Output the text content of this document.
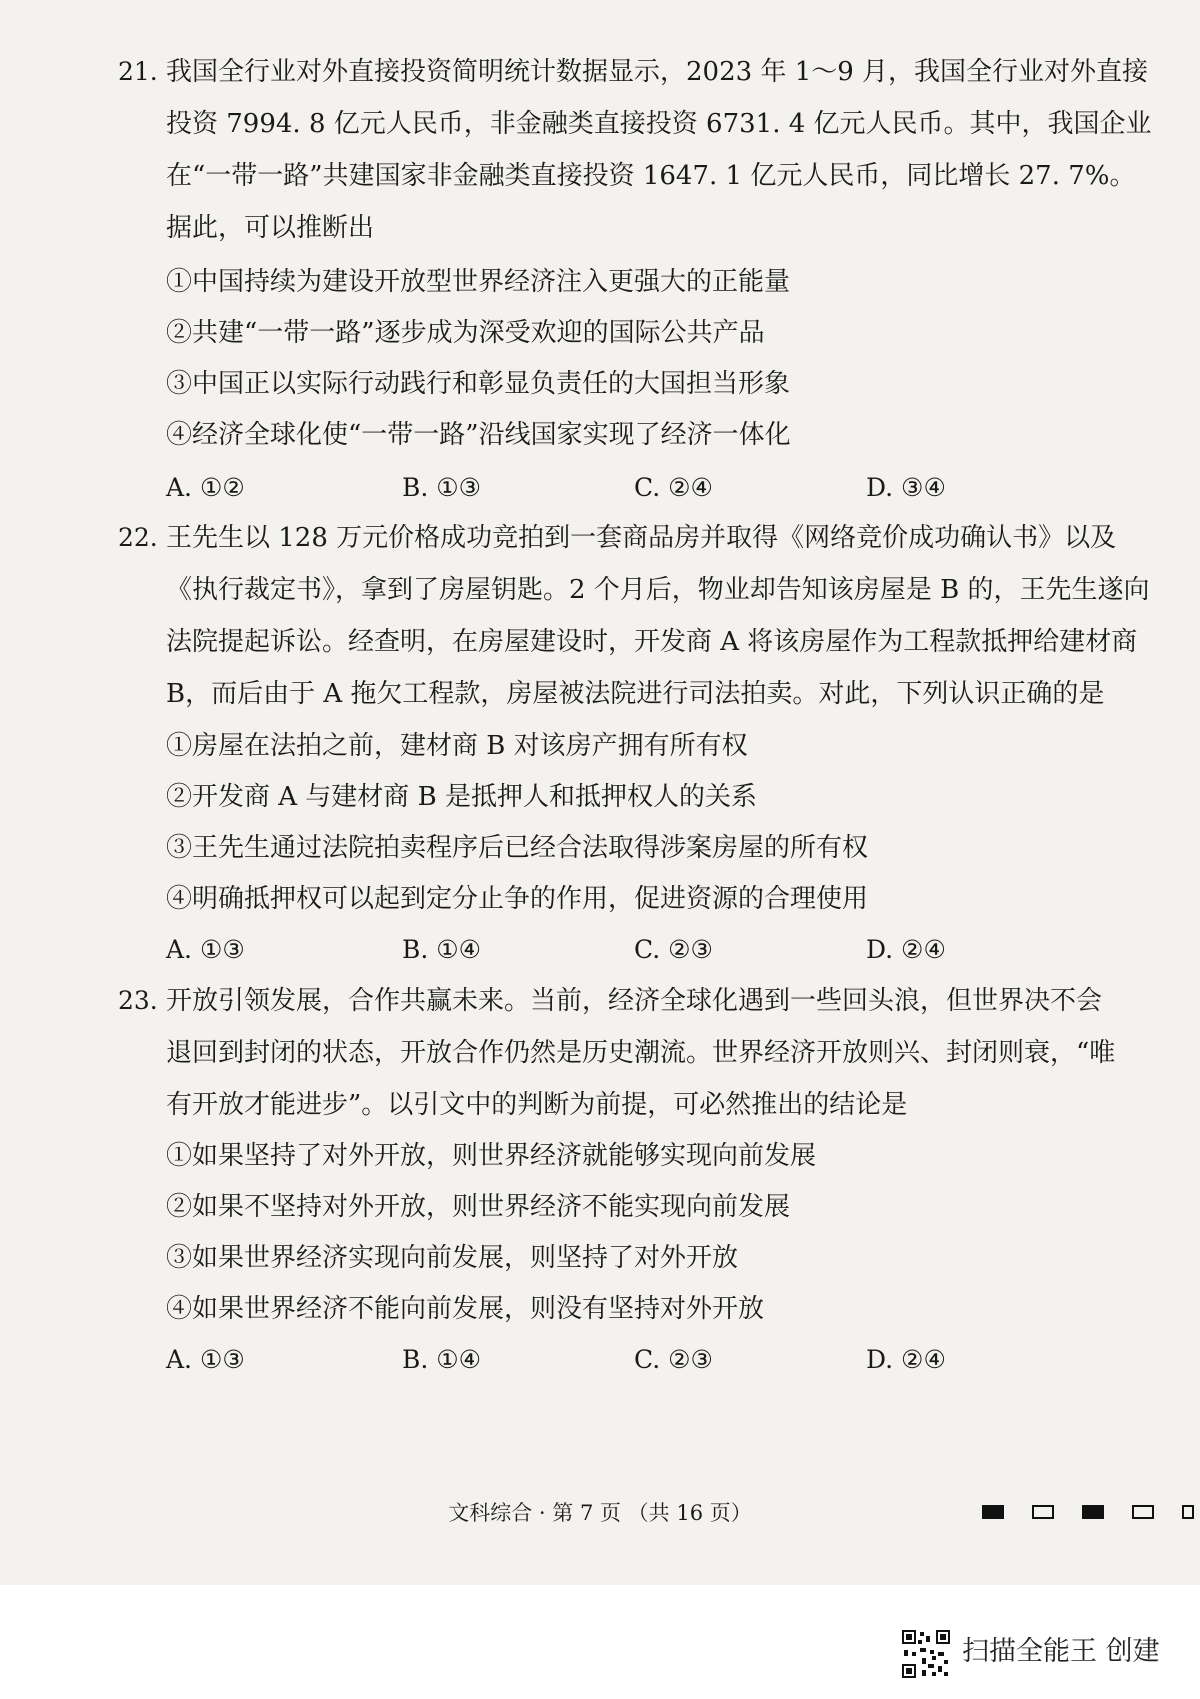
21. 我国全行业对外直接投资简明统计数据显示，2023 年 1～9 月，我国全行业对外直接
投资 7994. 8 亿元人民币，非金融类直接投资 6731. 4 亿元人民币。其中，我国企业
在“一带一路”共建国家非金融类直接投资 1647. 1 亿元人民币，同比增长 27. 7%。
据此，可以推断出
①中国持续为建设开放型世界经济注入更强大的正能量
②共建“一带一路”逐步成为深受欢迎的国际公共产品
③中国正以实际行动践行和彰显负责任的大国担当形象
④经济全球化使“一带一路”沿线国家实现了经济一体化
A. ①②	B. ①③	C. ②④	D. ③④
22. 王先生以 128 万元价格成功竞拍到一套商品房并取得《网络竞价成功确认书》以及
《执行裁定书》，拿到了房屋钥匙。2 个月后，物业却告知该房屋是 B 的，王先生遂向
法院提起诉讼。经查明，在房屋建设时，开发商 A 将该房屋作为工程款抵押给建材商
B，而后由于 A 拖欠工程款，房屋被法院进行司法拍卖。对此，下列认识正确的是
①房屋在法拍之前，建材商 B 对该房产拥有所有权
②开发商 A 与建材商 B 是抵押人和抵押权人的关系
③王先生通过法院拍卖程序后已经合法取得涉案房屋的所有权
④明确抵押权可以起到定分止争的作用，促进资源的合理使用
A. ①③	B. ①④	C. ②③	D. ②④
23. 开放引领发展，合作共赢未来。当前，经济全球化遇到一些回头浪，但世界决不会
退回到封闭的状态，开放合作仍然是历史潮流。世界经济开放则兴、封闭则衰，“唯
有开放才能进步”。以引文中的判断为前提，可必然推出的结论是
①如果坚持了对外开放，则世界经济就能够实现向前发展
②如果不坚持对外开放，则世界经济不能实现向前发展
③如果世界经济实现向前发展，则坚持了对外开放
④如果世界经济不能向前发展，则没有坚持对外开放
A. ①③	B. ①④	C. ②③	D. ②④
文科综合 · 第 7 页 （共 16 页）
扫描全能王 创建
